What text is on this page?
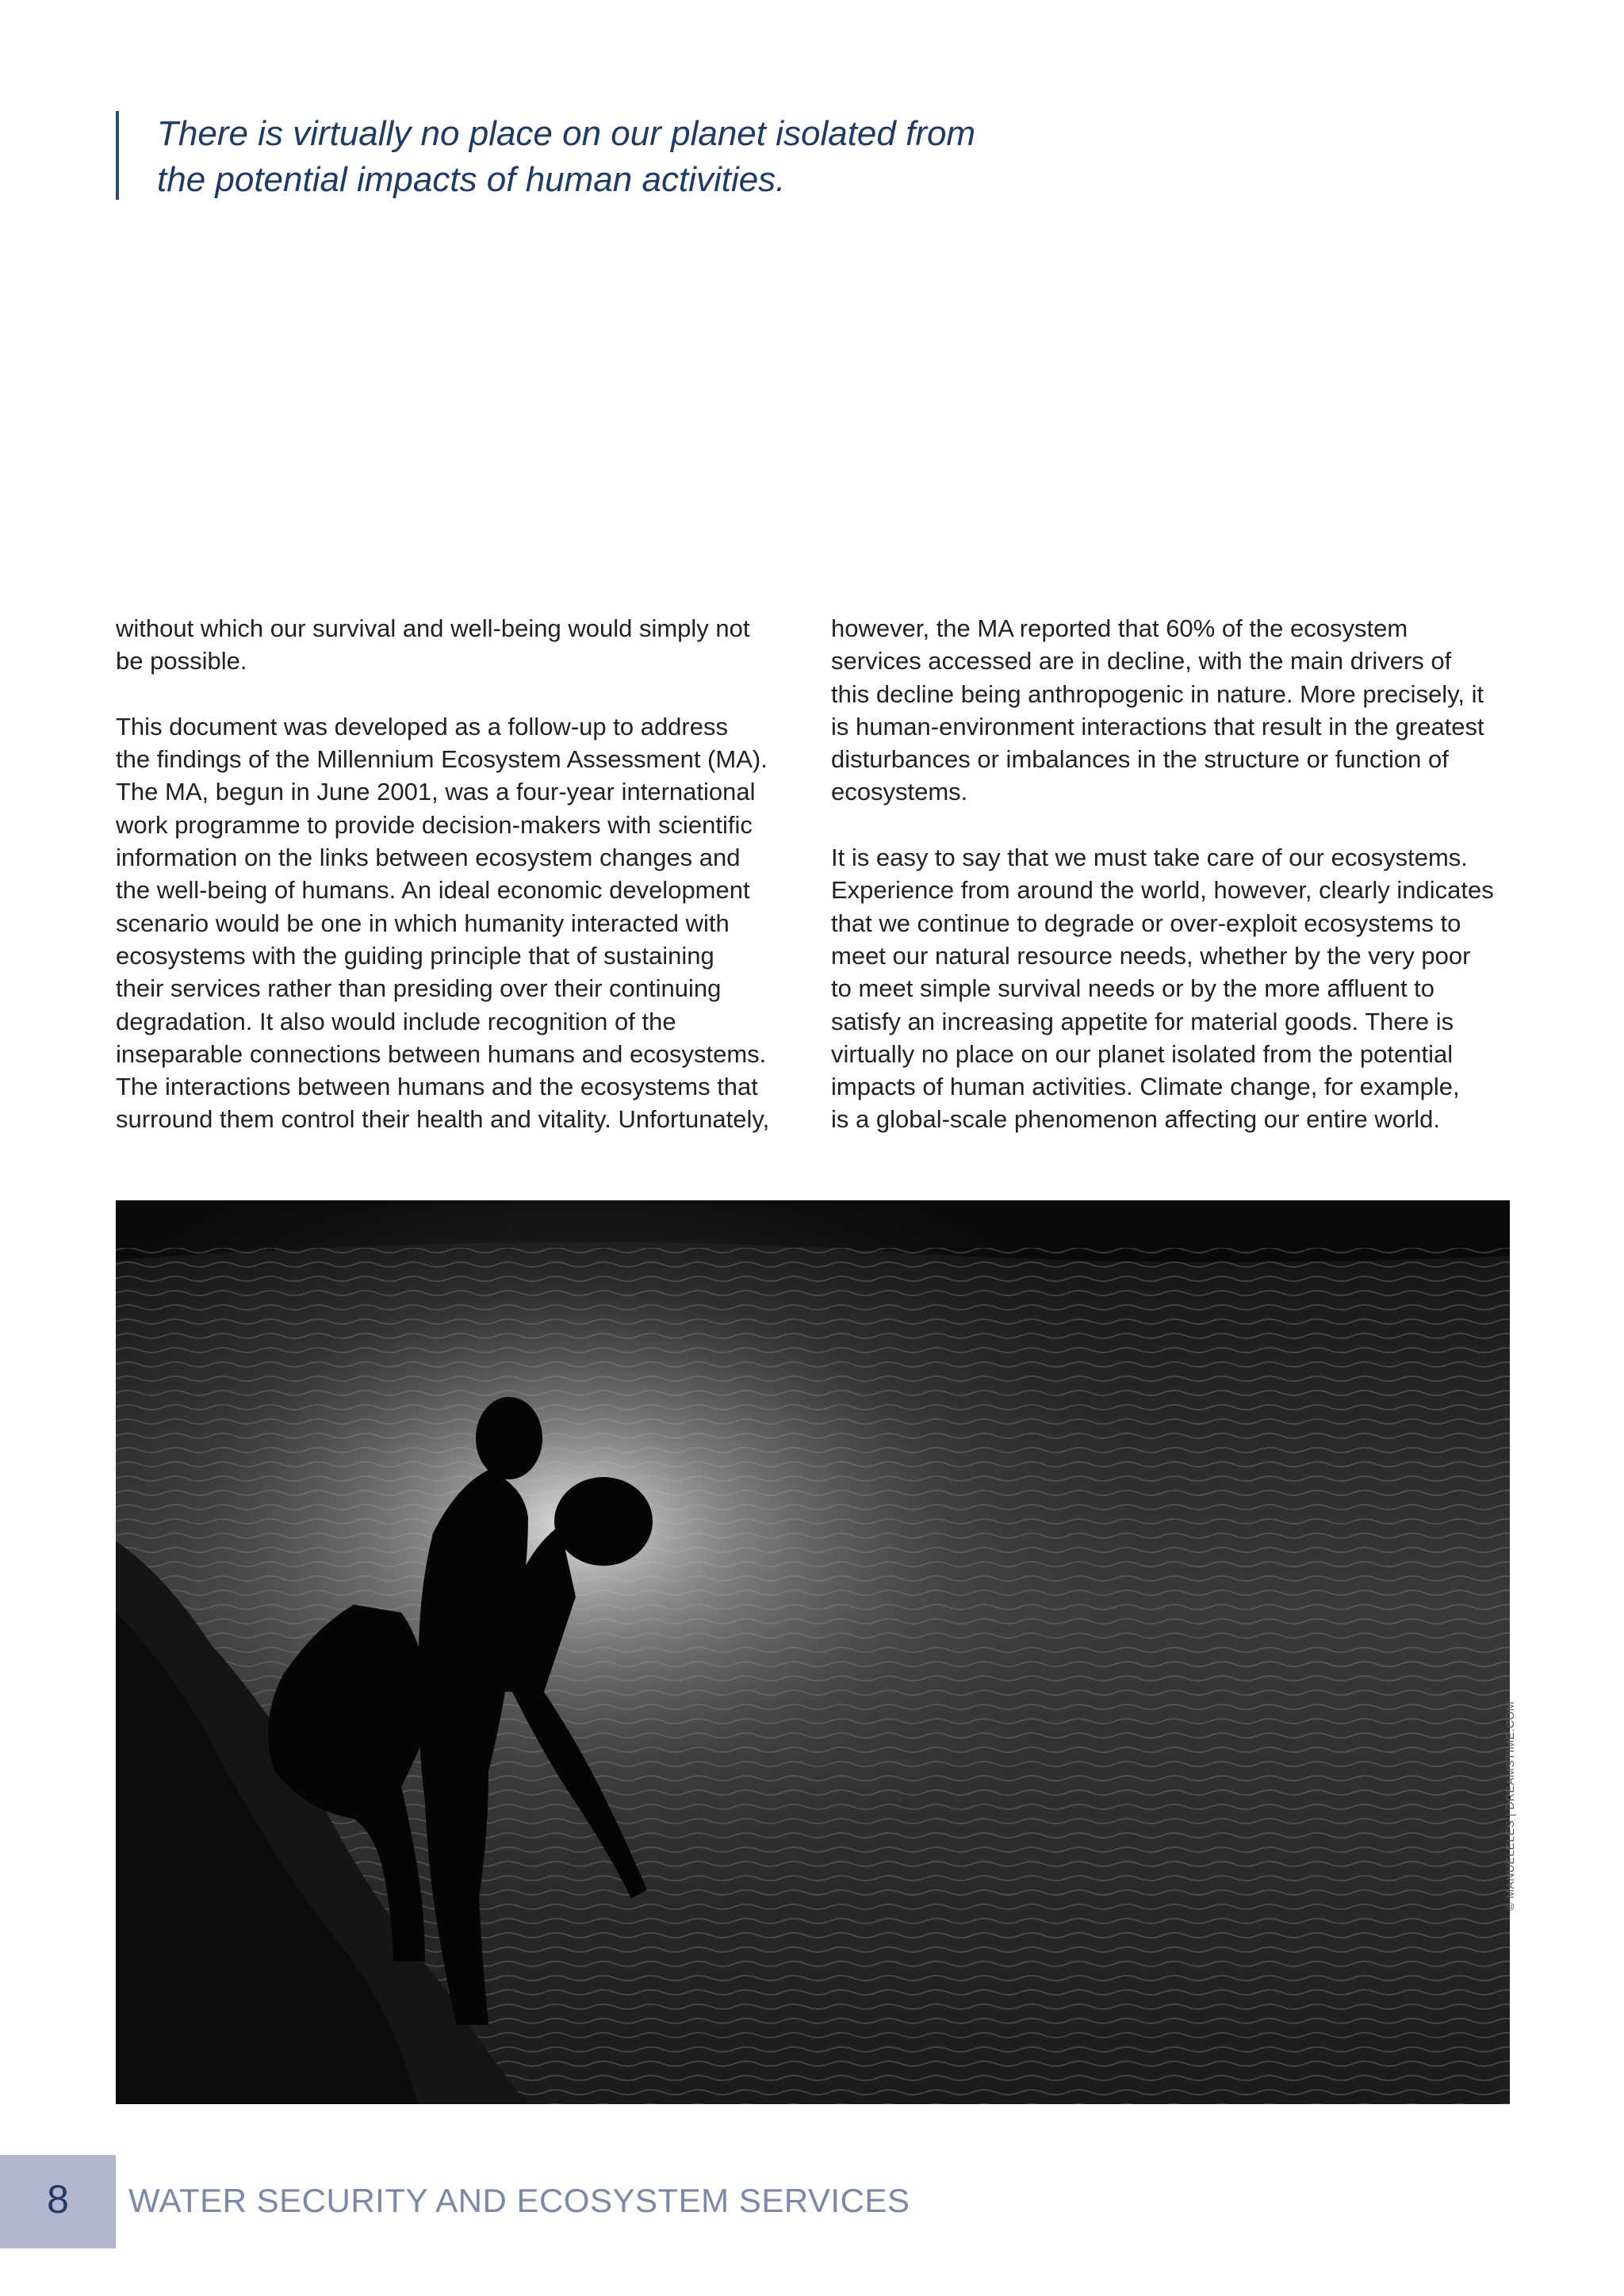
There is virtually no place on our planet isolated from
the potential impacts of human activities.
without which our survival and well-being would simply not
be possible.
This document was developed as a follow-up to address
the findings of the Millennium Ecosystem Assessment (MA).
The MA, begun in June 2001, was a four-year international
work programme to provide decision-makers with scientific
information on the links between ecosystem changes and
the well-being of humans. An ideal economic development
scenario would be one in which humanity interacted with
ecosystems with the guiding principle that of sustaining
their services rather than presiding over their continuing
degradation. It also would include recognition of the
inseparable connections between humans and ecosystems.
The interactions between humans and the ecosystems that
surround them control their health and vitality. Unfortunately,
however, the MA reported that 60% of the ecosystem
services accessed are in decline, with the main drivers of
this decline being anthropogenic in nature. More precisely, it
is human-environment interactions that result in the greatest
disturbances or imbalances in the structure or function of
ecosystems.
It is easy to say that we must take care of our ecosystems.
Experience from around the world, however, clearly indicates
that we continue to degrade or over-exploit ecosystems to
meet our natural resource needs, whether by the very poor
to meet simple survival needs or by the more affluent to
satisfy an increasing appetite for material goods. There is
virtually no place on our planet isolated from the potential
impacts of human activities. Climate change, for example,
is a global-scale phenomenon affecting our entire world.
© MANUELELES | DREAMSTIME.COM
8	WATER SECURITY AND ECOSYSTEM SERVICES
